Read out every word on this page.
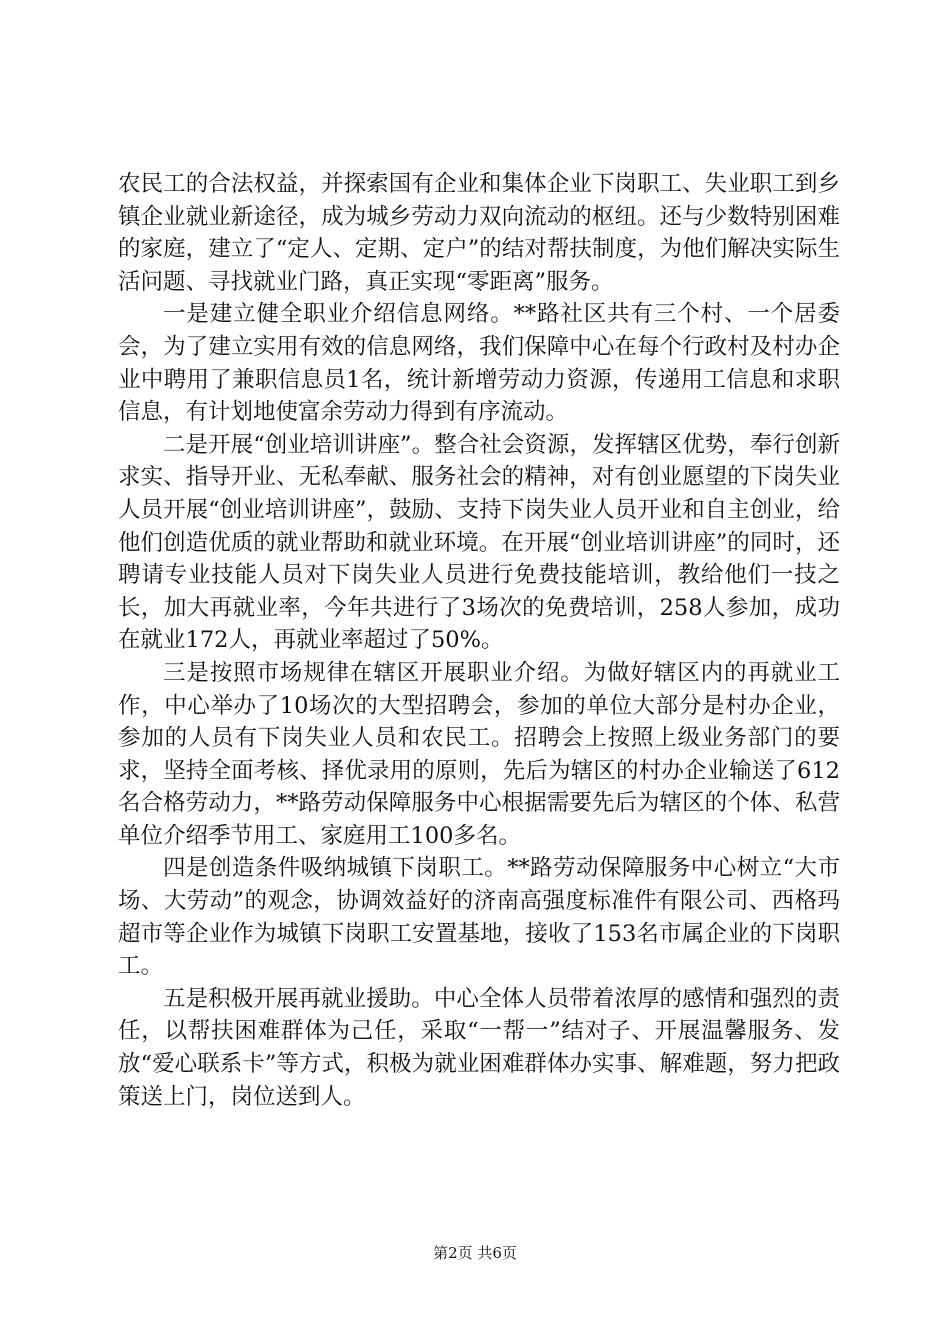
农民工的合法权益，并探索国有企业和集体企业下岗职工、失业职工到乡镇企业就业新途径，成为城乡劳动力双向流动的枢纽。还与少数特别困难的家庭，建立了“定人、定期、定户”的结对帮扶制度，为他们解决实际生活问题、寻找就业门路，真正实现“零距离”服务。

一是建立健全职业介绍信息网络。**路社区共有三个村、一个居委会，为了建立实用有效的信息网络，我们保障中心在每个行政村及村办企业中聘用了兼职信息员1名，统计新增劳动力资源，传递用工信息和求职信息，有计划地使富余劳动力得到有序流动。

二是开展“创业培训讲座”。整合社会资源，发挥辖区优势，奉行创新求实、指导开业、无私奉献、服务社会的精神，对有创业愿望的下岗失业人员开展“创业培训讲座”，鼓励、支持下岗失业人员开业和自主创业，给他们创造优质的就业帮助和就业环境。在开展“创业培训讲座”的同时，还聘请专业技能人员对下岗失业人员进行免费技能培训，教给他们一技之长，加大再就业率，今年共进行了3场次的免费培训，258人参加，成功在就业172人，再就业率超过了50%。

三是按照市场规律在辖区开展职业介绍。为做好辖区内的再就业工作，中心举办了10场次的大型招聘会，参加的单位大部分是村办企业，参加的人员有下岗失业人员和农民工。招聘会上按照上级业务部门的要求，坚持全面考核、择优录用的原则，先后为辖区的村办企业输送了612名合格劳动力，**路劳动保障服务中心根据需要先后为辖区的个体、私营单位介绍季节用工、家庭用工100多名。

四是创造条件吸纳城镇下岗职工。**路劳动保障服务中心树立“大市场、大劳动”的观念，协调效益好的济南高强度标准件有限公司、西格玛超市等企业作为城镇下岗职工安置基地，接收了153名市属企业的下岗职工。

五是积极开展再就业援助。中心全体人员带着浓厚的感情和强烈的责任，以帮扶困难群体为己任，采取“一帮一”结对子、开展温馨服务、发放“爱心联系卡”等方式，积极为就业困难群体办实事、解难题，努力把政策送上门，岗位送到人。

第2页 共6页
